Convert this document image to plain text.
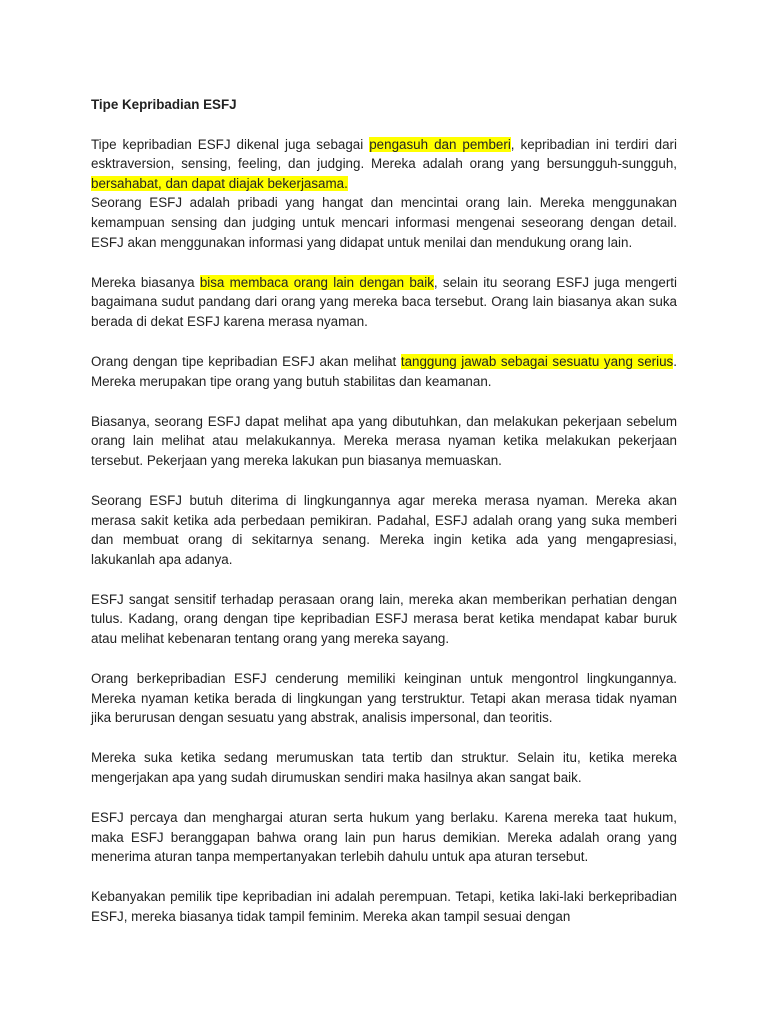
Tipe Kepribadian ESFJ

Tipe kepribadian ESFJ dikenal juga sebagai pengasuh dan pemberi, kepribadian ini terdiri dari esktraversion, sensing, feeling, dan judging. Mereka adalah orang yang bersungguh-sungguh, bersahabat, dan dapat diajak bekerjasama.

Seorang ESFJ adalah pribadi yang hangat dan mencintai orang lain. Mereka menggunakan kemampuan sensing dan judging untuk mencari informasi mengenai seseorang dengan detail. ESFJ akan menggunakan informasi yang didapat untuk menilai dan mendukung orang lain.

Mereka biasanya bisa membaca orang lain dengan baik, selain itu seorang ESFJ juga mengerti bagaimana sudut pandang dari orang yang mereka baca tersebut. Orang lain biasanya akan suka berada di dekat ESFJ karena merasa nyaman.

Orang dengan tipe kepribadian ESFJ akan melihat tanggung jawab sebagai sesuatu yang serius. Mereka merupakan tipe orang yang butuh stabilitas dan keamanan.

Biasanya, seorang ESFJ dapat melihat apa yang dibutuhkan, dan melakukan pekerjaan sebelum orang lain melihat atau melakukannya. Mereka merasa nyaman ketika melakukan pekerjaan tersebut. Pekerjaan yang mereka lakukan pun biasanya memuaskan.

Seorang ESFJ butuh diterima di lingkungannya agar mereka merasa nyaman. Mereka akan merasa sakit ketika ada perbedaan pemikiran. Padahal, ESFJ adalah orang yang suka memberi dan membuat orang di sekitarnya senang. Mereka ingin ketika ada yang mengapresiasi, lakukanlah apa adanya.

ESFJ sangat sensitif terhadap perasaan orang lain, mereka akan memberikan perhatian dengan tulus. Kadang, orang dengan tipe kepribadian ESFJ merasa berat ketika mendapat kabar buruk atau melihat kebenaran tentang orang yang mereka sayang.

Orang berkepribadian ESFJ cenderung memiliki keinginan untuk mengontrol lingkungannya. Mereka nyaman ketika berada di lingkungan yang terstruktur. Tetapi akan merasa tidak nyaman jika berurusan dengan sesuatu yang abstrak, analisis impersonal, dan teoritis.

Mereka suka ketika sedang merumuskan tata tertib dan struktur. Selain itu, ketika mereka mengerjakan apa yang sudah dirumuskan sendiri maka hasilnya akan sangat baik.

ESFJ percaya dan menghargai aturan serta hukum yang berlaku. Karena mereka taat hukum, maka ESFJ beranggapan bahwa orang lain pun harus demikian. Mereka adalah orang yang menerima aturan tanpa mempertanyakan terlebih dahulu untuk apa aturan tersebut.

Kebanyakan pemilik tipe kepribadian ini adalah perempuan. Tetapi, ketika laki-laki berkepribadian ESFJ, mereka biasanya tidak tampil feminim. Mereka akan tampil sesuai dengan
